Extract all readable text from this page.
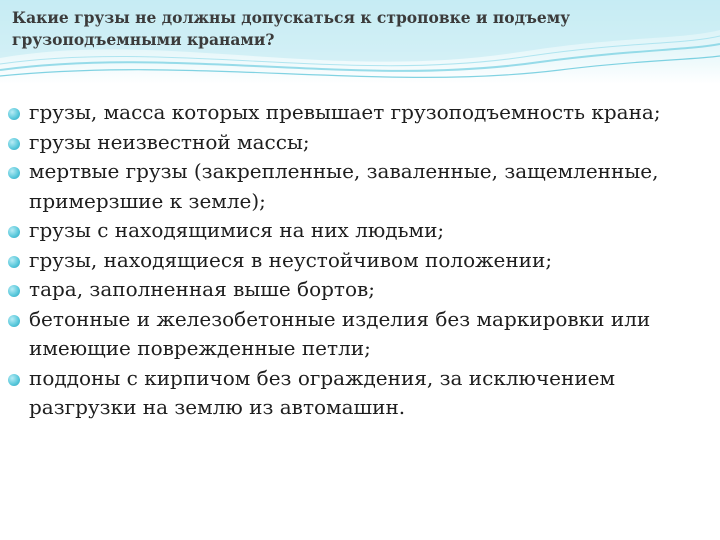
Какие грузы не должны допускаться к строповке и подъему грузоподъемными кранами?
грузы, масса которых превышает грузоподъемность крана;
грузы неизвестной массы;
мертвые грузы (закрепленные, заваленные, защемленные, примерзшие к земле);
грузы с находящимися на них людьми;
грузы, находящиеся в неустойчивом положении;
тара, заполненная выше бортов;
бетонные и железобетонные изделия без маркировки или имеющие поврежденные петли;
поддоны с кирпичом без ограждения, за исключением разгрузки на землю из автомашин.
